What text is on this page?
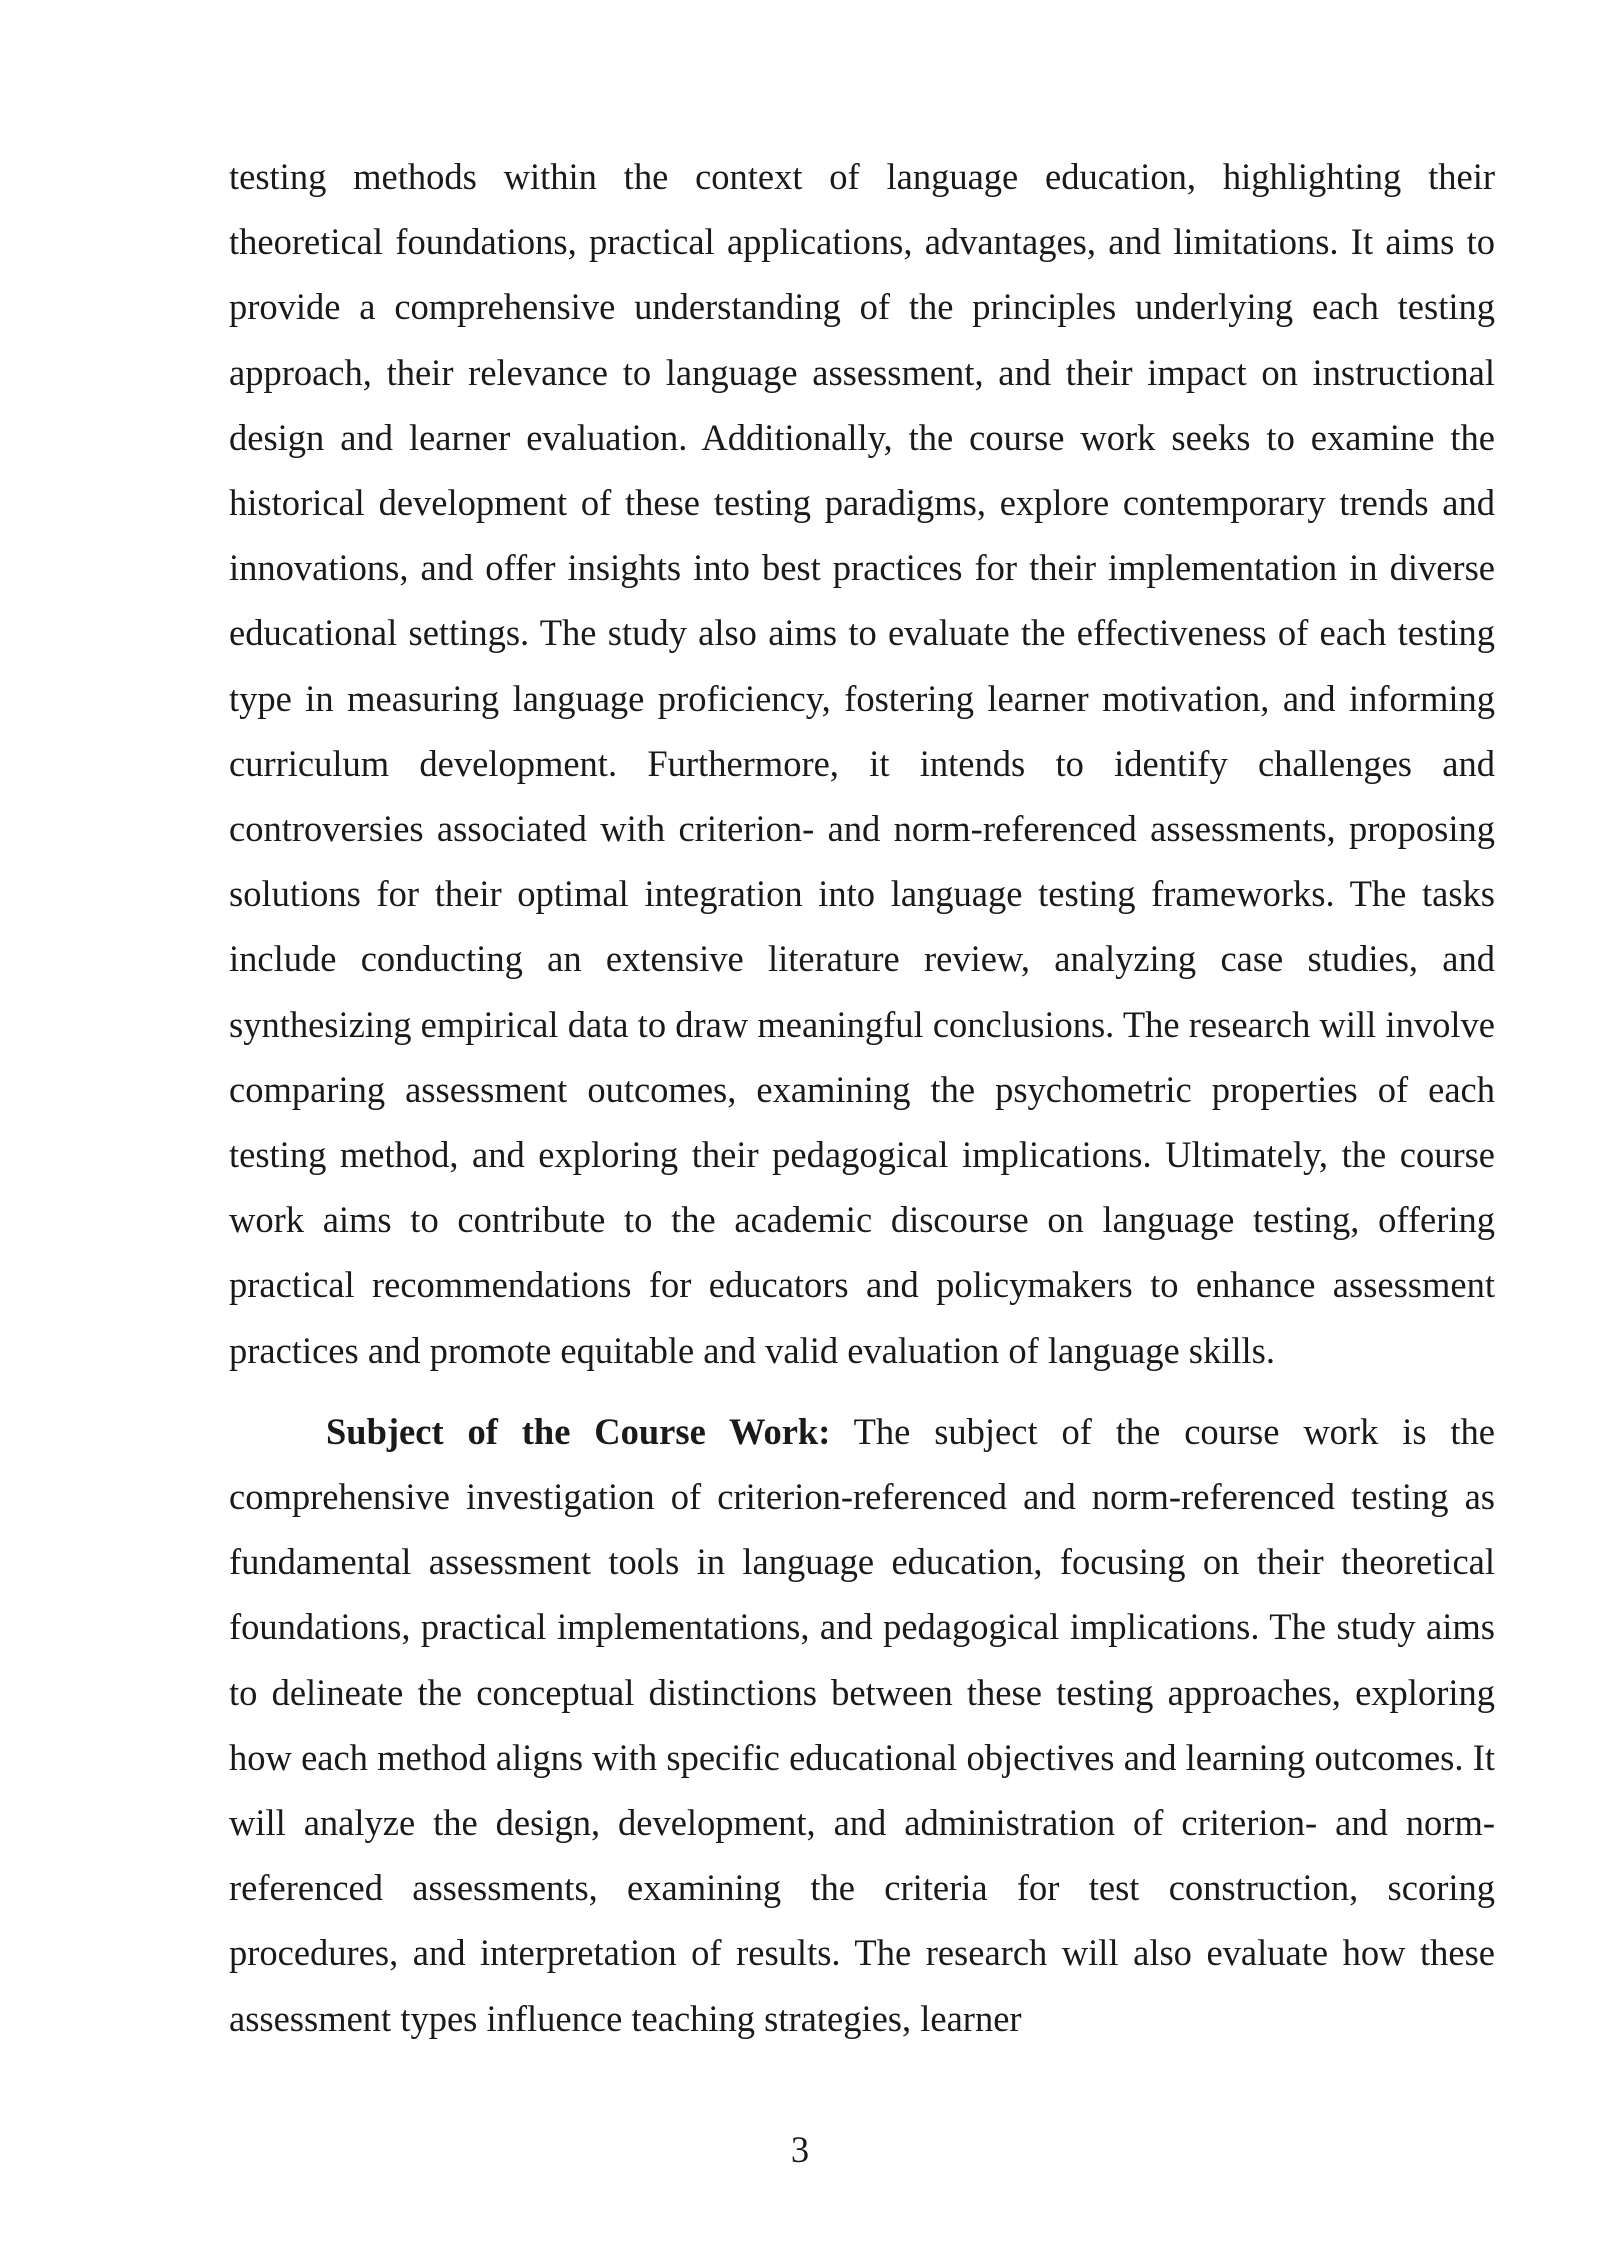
testing methods within the context of language education, highlighting their theoretical foundations, practical applications, advantages, and limitations. It aims to provide a comprehensive understanding of the principles underlying each testing approach, their relevance to language assessment, and their impact on instructional design and learner evaluation. Additionally, the course work seeks to examine the historical development of these testing paradigms, explore contemporary trends and innovations, and offer insights into best practices for their implementation in diverse educational settings. The study also aims to evaluate the effectiveness of each testing type in measuring language proficiency, fostering learner motivation, and informing curriculum development. Furthermore, it intends to identify challenges and controversies associated with criterion- and norm-referenced assessments, proposing solutions for their optimal integration into language testing frameworks. The tasks include conducting an extensive literature review, analyzing case studies, and synthesizing empirical data to draw meaningful conclusions. The research will involve comparing assessment outcomes, examining the psychometric properties of each testing method, and exploring their pedagogical implications. Ultimately, the course work aims to contribute to the academic discourse on language testing, offering practical recommendations for educators and policymakers to enhance assessment practices and promote equitable and valid evaluation of language skills.

Subject of the Course Work: The subject of the course work is the comprehensive investigation of criterion-referenced and norm-referenced testing as fundamental assessment tools in language education, focusing on their theoretical foundations, practical implementations, and pedagogical implications. The study aims to delineate the conceptual distinctions between these testing approaches, exploring how each method aligns with specific educational objectives and learning outcomes. It will analyze the design, development, and administration of criterion- and norm-referenced assessments, examining the criteria for test construction, scoring procedures, and interpretation of results. The research will also evaluate how these assessment types influence teaching strategies, learner

3
